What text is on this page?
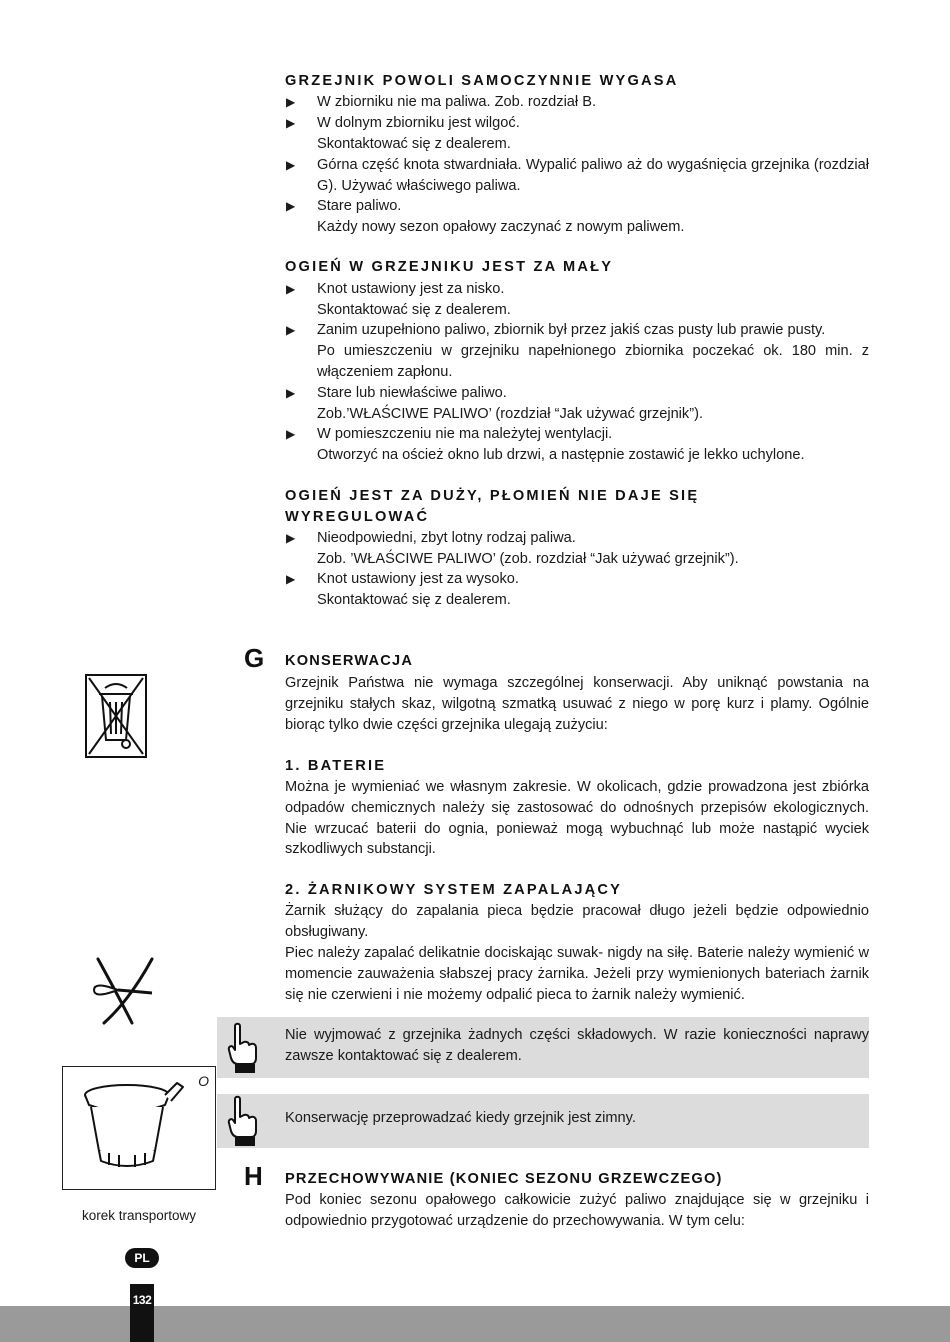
GRZEJNIK POWOLI SAMOCZYNNIE WYGASA
▶	W zbiorniku nie ma paliwa. Zob. rozdział B.
▶	W dolnym zbiorniku jest wilgoć.
Skontaktować się z dealerem.
▶	Górna część knota stwardniała. Wypalić paliwo aż do wygaśnięcia grzejnika (rozdział G). Używać właściwego paliwa.
▶	Stare paliwo.
Każdy nowy sezon opałowy zaczynać z nowym paliwem.
OGIEŃ W GRZEJNIKU JEST ZA MAŁY
▶	Knot ustawiony jest za nisko.
Skontaktować się z dealerem.
▶	Zanim uzupełniono paliwo, zbiornik był przez jakiś czas pusty lub prawie pusty.
Po umieszczeniu w grzejniku napełnionego zbiornika poczekać ok. 180 min. z włączeniem zapłonu.
▶	Stare lub niewłaściwe paliwo.
Zob.’WŁAŚCIWE PALIWO’ (rozdział “Jak używać grzejnik”).
▶	W pomieszczeniu nie ma należytej wentylacji.
Otworzyć na oścież okno lub drzwi, a następnie zostawić je lekko uchylone.
OGIEŃ JEST ZA DUŻY, PŁOMIEŃ NIE DAJE SIĘ
WYREGULOWAĆ
▶	Nieodpowiedni, zbyt lotny rodzaj paliwa.
Zob. ’WŁAŚCIWE PALIWO’ (zob. rozdział “Jak używać grzejnik”).
▶	Knot ustawiony jest za wysoko.
Skontaktować się z dealerem.
G KONSERWACJA
Grzejnik Państwa nie wymaga szczególnej konserwacji. Aby uniknąć powstania na grzejniku stałych skaz, wilgotną szmatką usuwać z niego w porę kurz i plamy. Ogólnie biorąc tylko dwie części grzejnika ulegają zużyciu:
1. BATERIE
Można je wymieniać we własnym zakresie. W okolicach, gdzie prowadzona jest zbiórka odpadów chemicznych należy się zastosować do odnośnych przepisów ekologicznych. Nie wrzucać baterii do ognia, ponieważ mogą wybuchnąć lub może nastąpić wyciek szkodliwych substancji.
2. ŻARNIKOWY SYSTEM ZAPALAJĄCY
Żarnik służący do zapalania pieca będzie pracował długo jeżeli będzie odpowiednio obsługiwany.
Piec należy zapalać delikatnie dociskając suwak- nigdy na siłę. Baterie należy wymienić w momencie zauważenia słabszej pracy żarnika. Jeżeli przy wymienionych bateriach żarnik się nie czerwieni i nie możemy odpalić pieca to żarnik należy wymienić.
Nie wyjmować z grzejnika żadnych części składowych. W razie konieczności naprawy zawsze kontaktować się z dealerem.
Konserwację przeprowadzać kiedy grzejnik jest zimny.
H PRZECHOWYWANIE (KONIEC SEZONU GRZEWCZEGO)
Pod koniec sezonu opałowego całkowicie zużyć paliwo znajdujące się w grzejniku i odpowiednio przygotować urządzenie do przechowywania. W tym celu:
O
korek transportowy
PL
132
